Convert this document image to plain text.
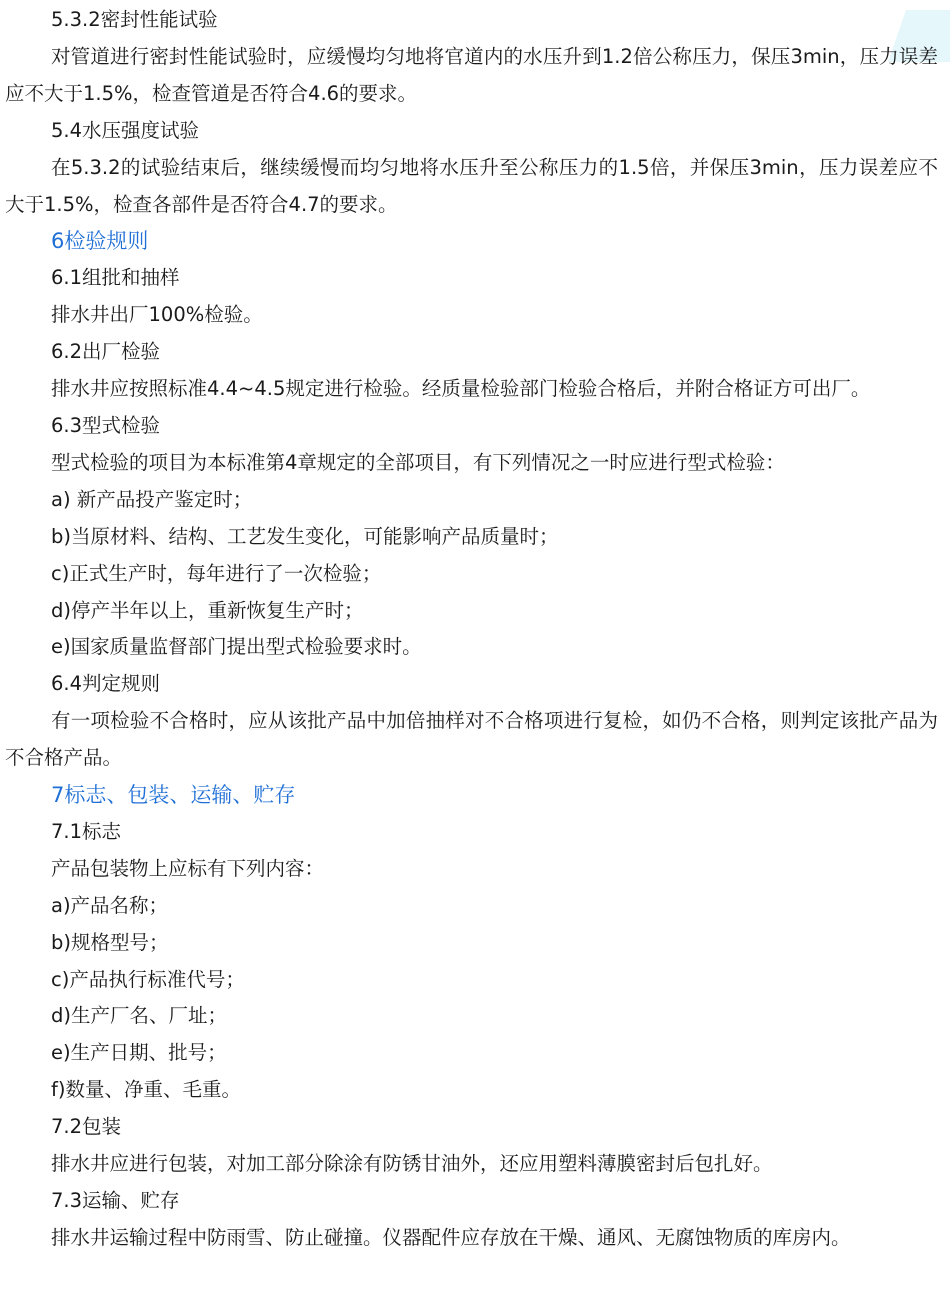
5.3.2密封性能试验

对管道进行密封性能试验时，应缓慢均匀地将官道内的水压升到1.2倍公称压力，保压3min，压力误差应不大于1.5%，检查管道是否符合4.6的要求。

5.4水压强度试验

在5.3.2的试验结束后，继续缓慢而均匀地将水压升至公称压力的1.5倍，并保压3min，压力误差应不大于1.5%，检查各部件是否符合4.7的要求。

6检验规则

6.1组批和抽样

排水井出厂100%检验。

6.2出厂检验

排水井应按照标准4.4~4.5规定进行检验。经质量检验部门检验合格后，并附合格证方可出厂。

6.3型式检验

型式检验的项目为本标准第4章规定的全部项目，有下列情况之一时应进行型式检验：

a) 新产品投产鉴定时；

b)当原材料、结构、工艺发生变化，可能影响产品质量时；

c)正式生产时，每年进行了一次检验；

d)停产半年以上，重新恢复生产时；

e)国家质量监督部门提出型式检验要求时。

6.4判定规则

有一项检验不合格时，应从该批产品中加倍抽样对不合格项进行复检，如仍不合格，则判定该批产品为不合格产品。

7标志、包装、运输、贮存

7.1标志

产品包装物上应标有下列内容：

a)产品名称；

b)规格型号；

c)产品执行标准代号；

d)生产厂名、厂址；

e)生产日期、批号；

f)数量、净重、毛重。

7.2包装

排水井应进行包装，对加工部分除涂有防锈甘油外，还应用塑料薄膜密封后包扎好。

7.3运输、贮存

排水井运输过程中防雨雪、防止碰撞。仪器配件应存放在干燥、通风、无腐蚀物质的库房内。
